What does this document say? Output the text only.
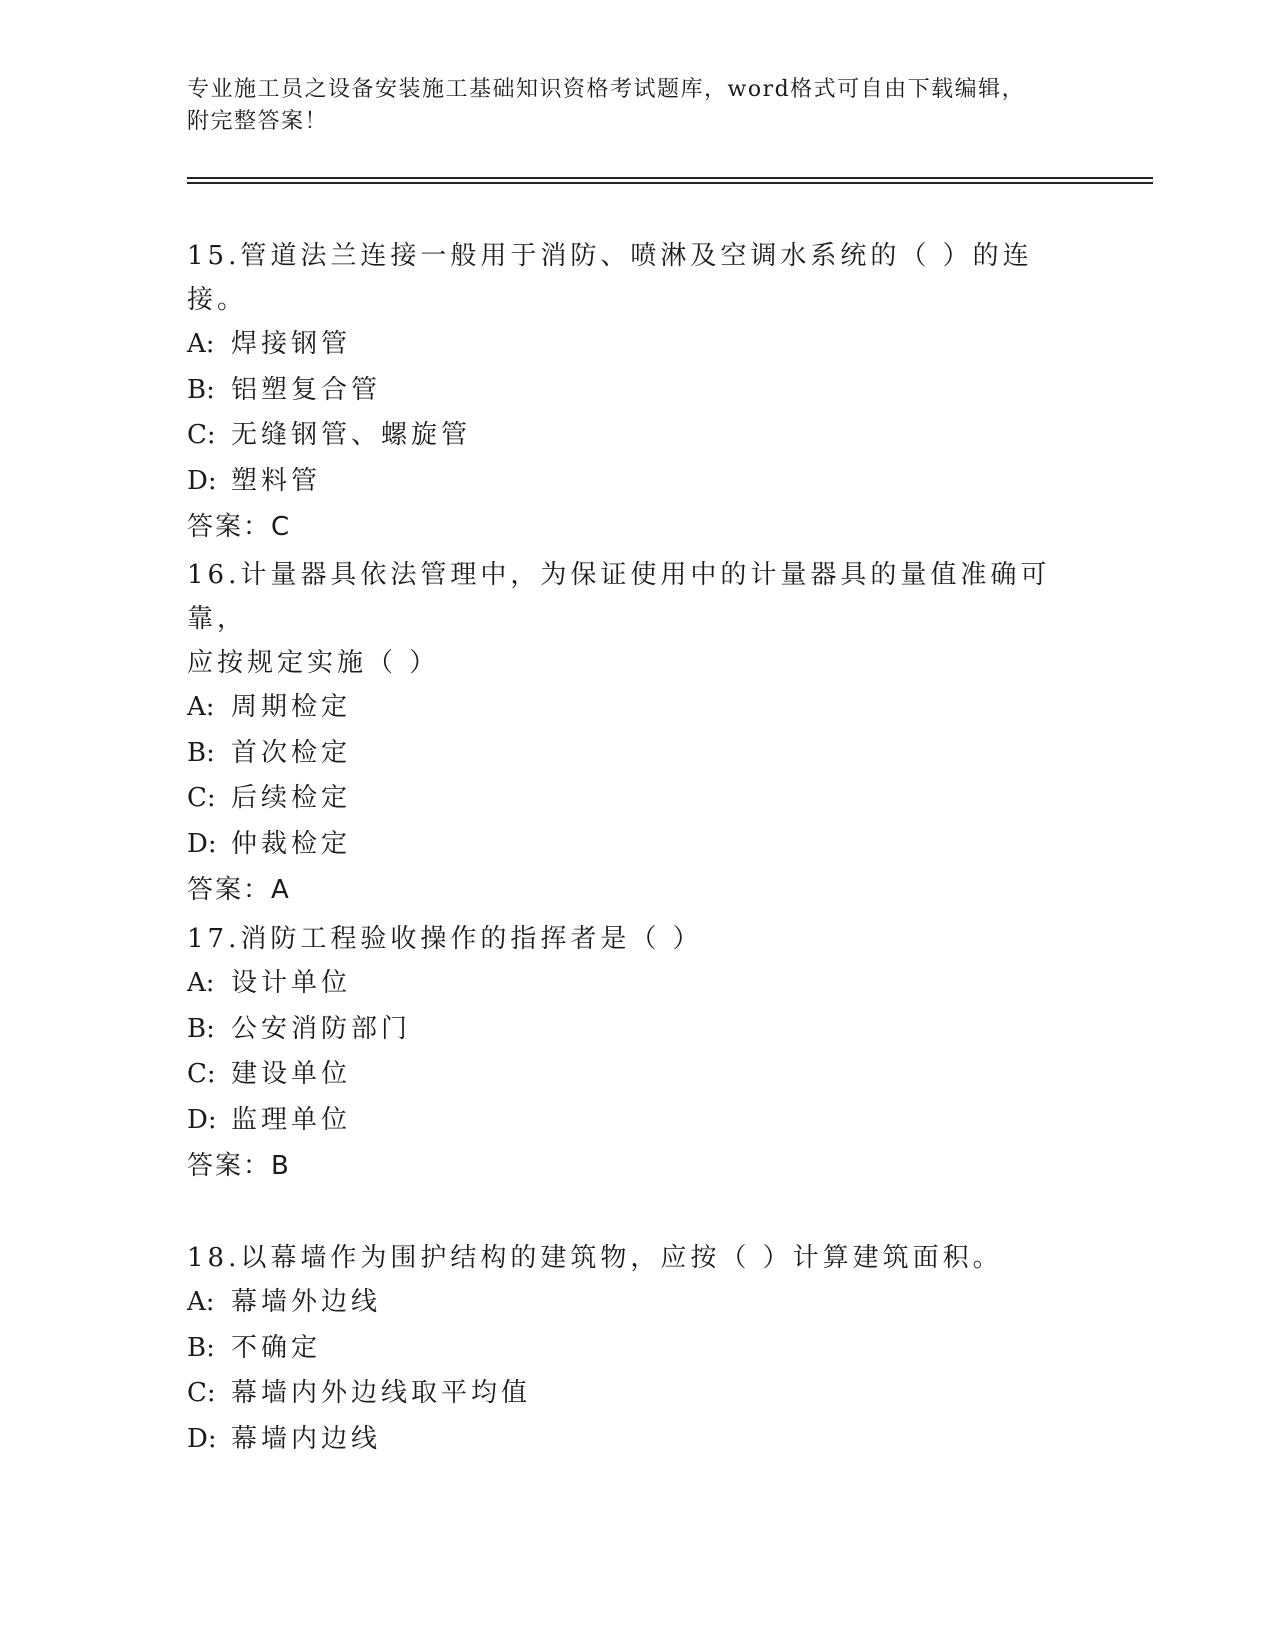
专业施工员之设备安装施工基础知识资格考试题库，word格式可自由下载编辑，
附完整答案！
15.管道法兰连接一般用于消防、喷淋及空调水系统的（ ）的连接。
A: 焊接钢管
B: 铝塑复合管
C: 无缝钢管、螺旋管
D: 塑料管
答案：C
16.计量器具依法管理中，为保证使用中的计量器具的量值准确可靠，
应按规定实施（ ）
A: 周期检定
B: 首次检定
C: 后续检定
D: 仲裁检定
答案：A
17.消防工程验收操作的指挥者是（ ）
A: 设计单位
B: 公安消防部门
C: 建设单位
D: 监理单位
答案：B
18.以幕墙作为围护结构的建筑物，应按（ ）计算建筑面积。
A: 幕墙外边线
B: 不确定
C: 幕墙内外边线取平均值
D: 幕墙内边线
